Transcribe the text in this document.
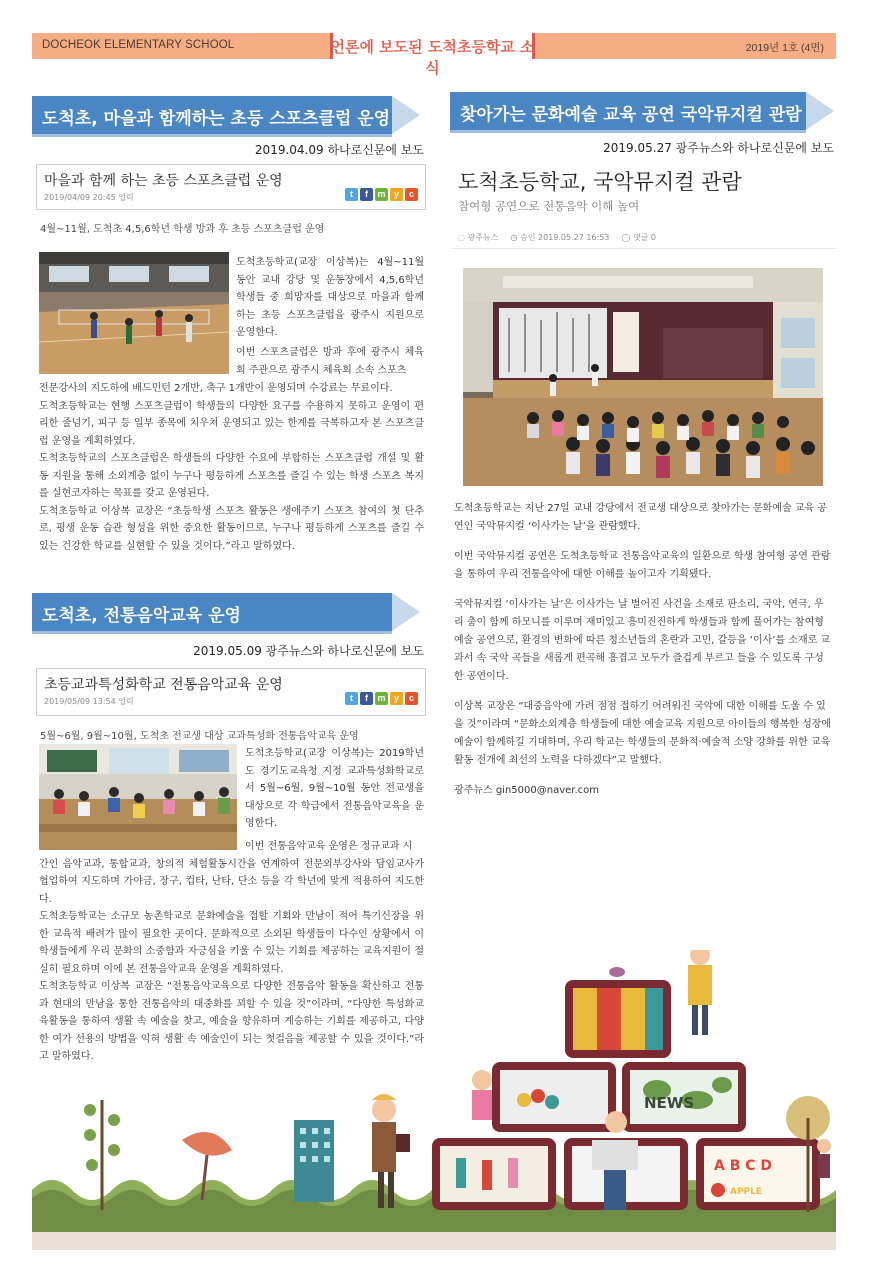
DOCHEOK ELEMENTARY SCHOOL	언론에 보도된 도척초등학교 소식
2019년 1호 (4면)
도척초, 마을과 함께하는 초등 스포츠클럽 운영
2019.04.09 하나로신문에 보도
마을과 함께 하는 초등 스포츠클럽 운영
2019/04/09 20:45 입력	t	f	m y	c
4월~11월, 도척초 4,5,6학년 학생 방과 후 초등 스포츠클럽 운영

도척초등학교(교장 이상복)는 4월~11월 동안 교내 강당 및 운동장에서 4,5,6학년 학생들 중 희망자를 대상으로 마을과 함께 하는 초등 스포츠클럽을 광주시 지원으로 운영한다.

이번 스포츠클럽은 방과 후에 광주시 체육회 주관으로 광주시 체육회 소속 스포츠

전문강사의 지도하에 배드민턴 2개반, 축구 1개반이 운영되며 수강료는 무료이다.

도척초등학교는 현행 스포츠클럽이 학생들의 다양한 요구를 수용하지 못하고 운영이 편리한 줄넘기, 피구 등 일부 종목에 치우쳐 운영되고 있는 한계를 극복하고자 본 스포츠클럽 운영을 계획하였다.

도척초등학교의 스포츠클럽은 학생들의 다양한 수요에 부합하는 스포츠클럽 개설 및 활동 지원을 통해 소외계층 없이 누구나 평등하게 스포츠를 즐길 수 있는 학생 스포츠 복지를 실현코자하는 목표를 갖고 운영된다.

도척초등학교 이상복 교장은 “초등학생 스포츠 활동은 생애주기 스포츠 참여의 첫 단추로, 평생 운동 습관 형성을 위한 중요한 활동이므로, 누구나 평등하게 스포츠를 즐길 수 있는 건강한 학교를 실현할 수 있을 것이다.”라고 말하였다.

도척초, 전통음악교육 운영
2019.05.09 광주뉴스와 하나로신문에 보도
초등교과특성화학교 전통음악교육 운영
2019/05/09 13:54 입력	t	f	m y	c
5월~6월, 9월~10월, 도척초 전교생 대상 교과특성화 전통음악교육 운영

도척초등학교(교장 이상복)는 2019학년도 경기도교육청 지정 교과특성화학교로서 5월~6월, 9월~10월 동안 전교생을 대상으로 각 학급에서 전통음악교육을 운영한다.

이번 전통음악교육 운영은 정규교과 시

간인 음악교과, 통합교과, 창의적 체험활동시간을 연계하여 전문외부강사와 담임교사가 협업하여 지도하며 가야금, 장구, 컵타, 난타, 단소 등을 각 학년에 맞게 적용하여 지도한다.

도척초등학교는 소규모 농촌학교로 문화예술을 접할 기회와 만남이 적어 특기신장을 위한 교육적 배려가 많이 필요한 곳이다. 문화적으로 소외된 학생들이 다수인 상황에서 이 학생들에게 우리 문화의 소중함과 자긍심을 키울 수 있는 기회를 제공하는 교육지원이 절실히 필요하며 이에 본 전통음악교육 운영을 계획하였다.

도척초등학교 이상복 교장은 “전통음악교육으로 다양한 전통음악 활동을 확산하고 전통과 현대의 만남을 통한 전통음악의 대중화를 꾀할 수 있을 것”이라며, “다양한 특성화교육활동을 통하여 생활 속 예술을 찾고, 예술을 향유하며 계승하는 기회를 제공하고, 다양한 여가 선용의 방법을 익혀 생활 속 예술인이 되는 첫걸음을 제공할 수 있을 것이다.”라고 말하였다.

찾아가는 문화예술 교육 공연 국악뮤지컬 관람
2019.05.27 광주뉴스와 하나로신문에 보도
도척초등학교, 국악뮤지컬 관람
참여형 공연으로 전통음악 이해 높여
◌ 광주뉴스 ◷ 승인 2019.05.27 16:53 ◯ 댓글 0

도척초등학교는 지난 27일 교내 강당에서 전교생 대상으로 찾아가는 문화예술 교육 공연인 국악뮤지컬 ‘이사가는 날’을 관람했다.

이번 국악뮤지컬 공연은 도척초등학교 전통음악교육의 일환으로 학생 참여형 공연 관람을 통하여 우리 전통음악에 대한 이해를 높이고자 기획됐다.

국악뮤지컬 ‘이사가는 날’은 이사가는 날 벌어진 사건을 소재로 판소리, 국악, 연극, 우리 춤이 함께 하모니를 이루며 재미있고 흥미진진하게 학생들과 함께 풀어가는 참여형 예술 공연으로, 환경의 변화에 따른 청소년들의 혼란과 고민, 갈등을 ‘이사’를 소재로 교과서 속 국악 곡들을 새롭게 편곡해 흥겹고 모두가 즐겁게 부르고 들을 수 있도록 구성한 공연이다.

이상복 교장은 “대중음악에 가려 점점 접하기 어려워진 국악에 대한 이해를 도울 수 있을 것”이라며 “문화소외계층 학생들에 대한 예술교육 지원으로 아이들의 행복한 성장에 예술이 함께하길 기대하며, 우리 학교는 학생들의 문화적·예술적 소양 강화를 위한 교육 활동 전개에 최선의 노력을 다하겠다”고 말했다.

광주뉴스 gin5000@naver.com

NEWS
A B C D
APPLE
